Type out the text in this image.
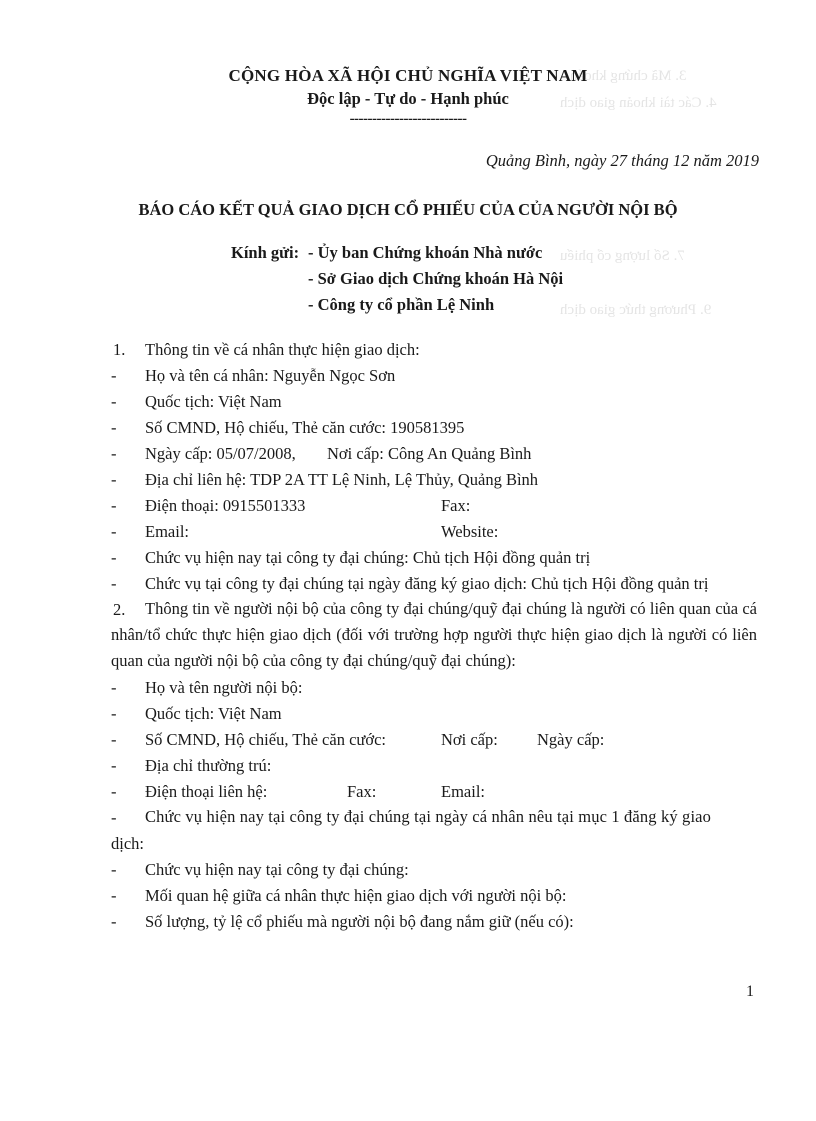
3. Mã chứng khoán
4. Các tài khoản giao dịch
7. Số lượng cổ phiếu
9. Phương thức giao dịch
CỘNG HÒA XÃ HỘI CHỦ NGHĨA VIỆT NAM
Độc lập - Tự do - Hạnh phúc
--------------------------
Quảng Bình, ngày 27 tháng 12 năm 2019
BÁO CÁO KẾT QUẢ GIAO DỊCH CỔ PHIẾU CỦA CỦA NGƯỜI NỘI BỘ
Kính gửi: - Ủy ban Chứng khoán Nhà nước
- Sở Giao dịch Chứng khoán Hà Nội
- Công ty cổ phần Lệ Ninh
1. Thông tin về cá nhân thực hiện giao dịch:
- Họ và tên cá nhân: Nguyễn Ngọc Sơn
- Quốc tịch: Việt Nam
- Số CMND, Hộ chiếu, Thẻ căn cước: 190581395
- Ngày cấp: 05/07/2008, Nơi cấp: Công An Quảng Bình
- Địa chỉ liên hệ: TDP 2A TT Lệ Ninh, Lệ Thủy, Quảng Bình
- Điện thoại: 0915501333	Fax:
- Email:	Website:
- Chức vụ hiện nay tại công ty đại chúng: Chủ tịch Hội đồng quản trị
- Chức vụ tại công ty đại chúng tại ngày đăng ký giao dịch: Chủ tịch Hội đồng quản trị
2.	Thông tin về người nội bộ của công ty đại chúng/quỹ đại chúng là người có liên quan của cá nhân/tổ chức thực hiện giao dịch (đối với trường hợp người thực hiện giao dịch là người có liên quan của người nội bộ của công ty đại chúng/quỹ đại chúng):
- Họ và tên người nội bộ:
- Quốc tịch: Việt Nam
- Số CMND, Hộ chiếu, Thẻ căn cước:	Nơi cấp: Ngày cấp:
- Địa chỉ thường trú:
- Điện thoại liên hệ:	Fax:	Email:
- Chức vụ hiện nay tại công ty đại chúng tại ngày cá nhân nêu tại mục 1 đăng ký giao
dịch:
- Chức vụ hiện nay tại công ty đại chúng:
- Mối quan hệ giữa cá nhân thực hiện giao dịch với người nội bộ:
- Số lượng, tỷ lệ cổ phiếu mà người nội bộ đang nắm giữ (nếu có):
1
